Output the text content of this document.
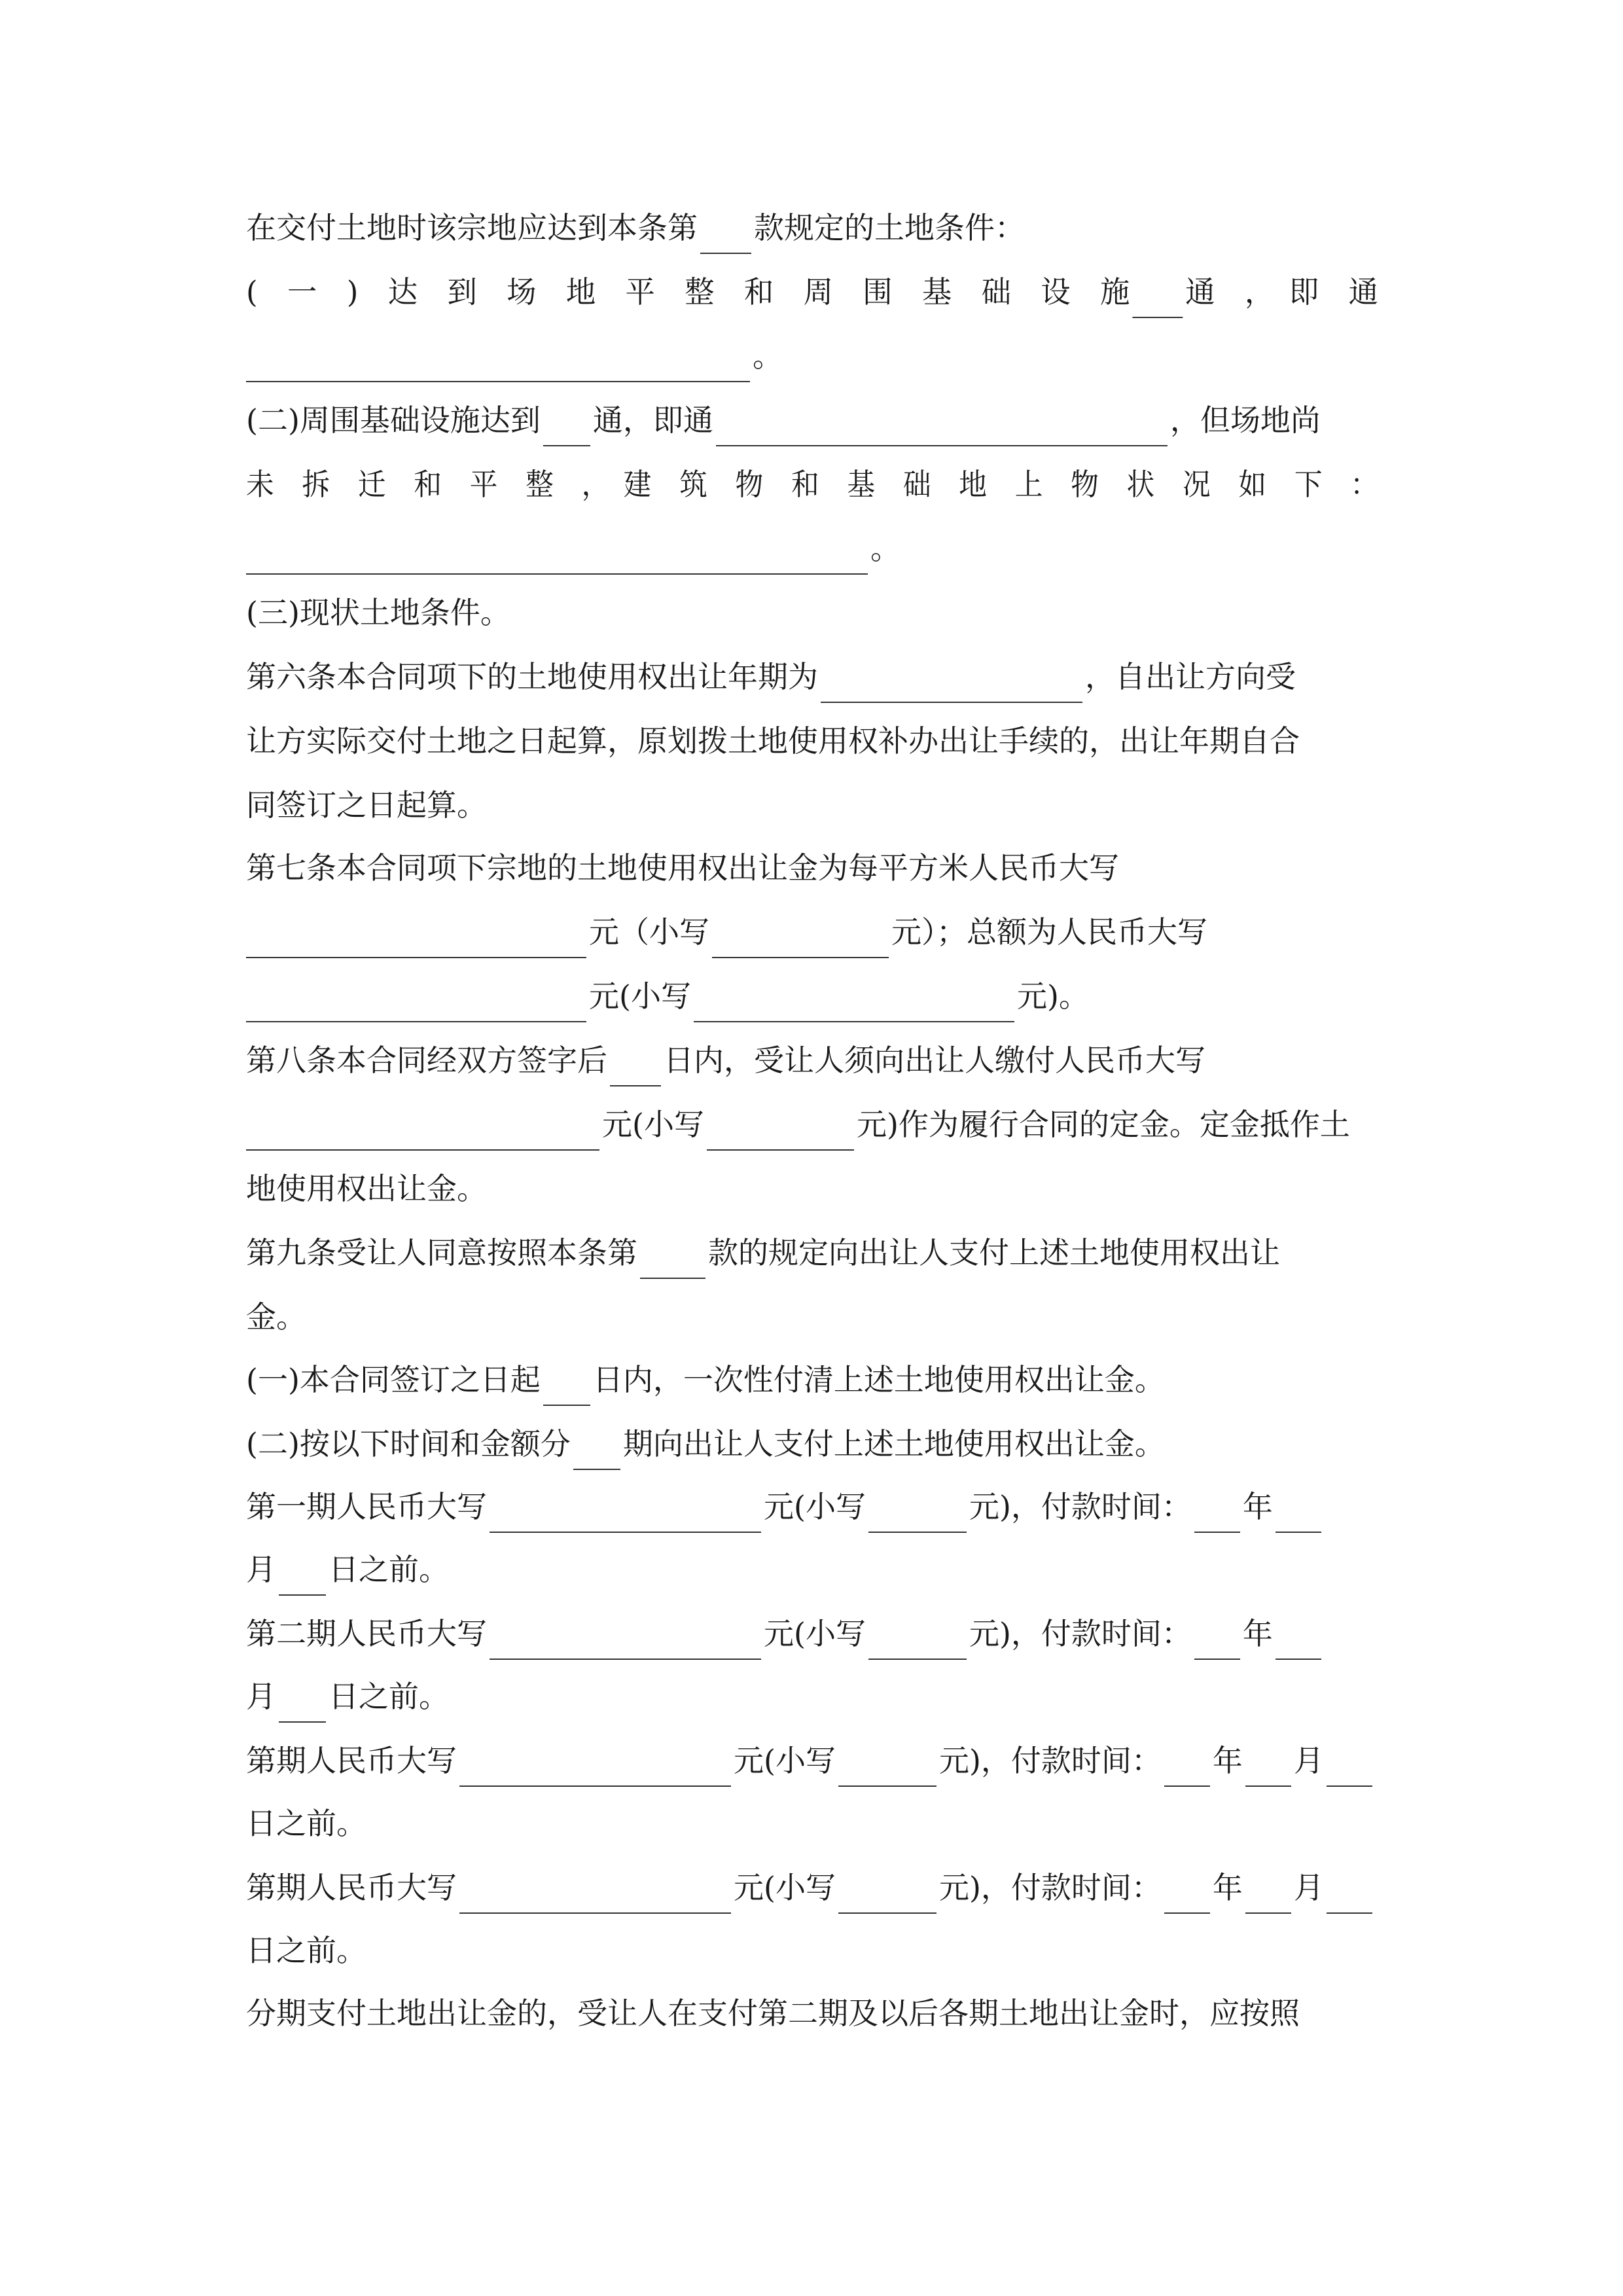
在交付土地时该宗地应达到本条第 款规定的土地条件：
(　一　)　达　到　场　地　平　整　和　周　围　基　础　设　施 通　，　即　通
。
(二)周围基础设施达到 通，即通	，但场地尚
未　拆　迁　和　平　整　，　建　筑　物　和　基　础　地　上　物　状　况　如　下　：
。
(三)现状土地条件。
第六条本合同项下的土地使用权出让年期为	，自出让方向受
让方实际交付土地之日起算，原划拨土地使用权补办出让手续的，出让年期自合
同签订之日起算。
第七条本合同项下宗地的土地使用权出让金为每平方米人民币大写
元（小写	元）；总额为人民币大写
元(小写	元)。
第八条本合同经双方签字后 日内，受让人须向出让人缴付人民币大写
元(小写	元)作为履行合同的定金。定金抵作土
地使用权出让金。
第九条受让人同意按照本条第 款的规定向出让人支付上述土地使用权出让
金。
(一)本合同签订之日起 日内，一次性付清上述土地使用权出让金。
(二)按以下时间和金额分 期向出让人支付上述土地使用权出让金。
第一期人民币大写	元(小写	元)，付款时间： 年
月 日之前。
第二期人民币大写	元(小写	元)，付款时间： 年
月 日之前。
第期人民币大写	元(小写	元)，付款时间： 年 月
日之前。
第期人民币大写	元(小写	元)，付款时间： 年 月
日之前。
分期支付土地出让金的，受让人在支付第二期及以后各期土地出让金时，应按照
